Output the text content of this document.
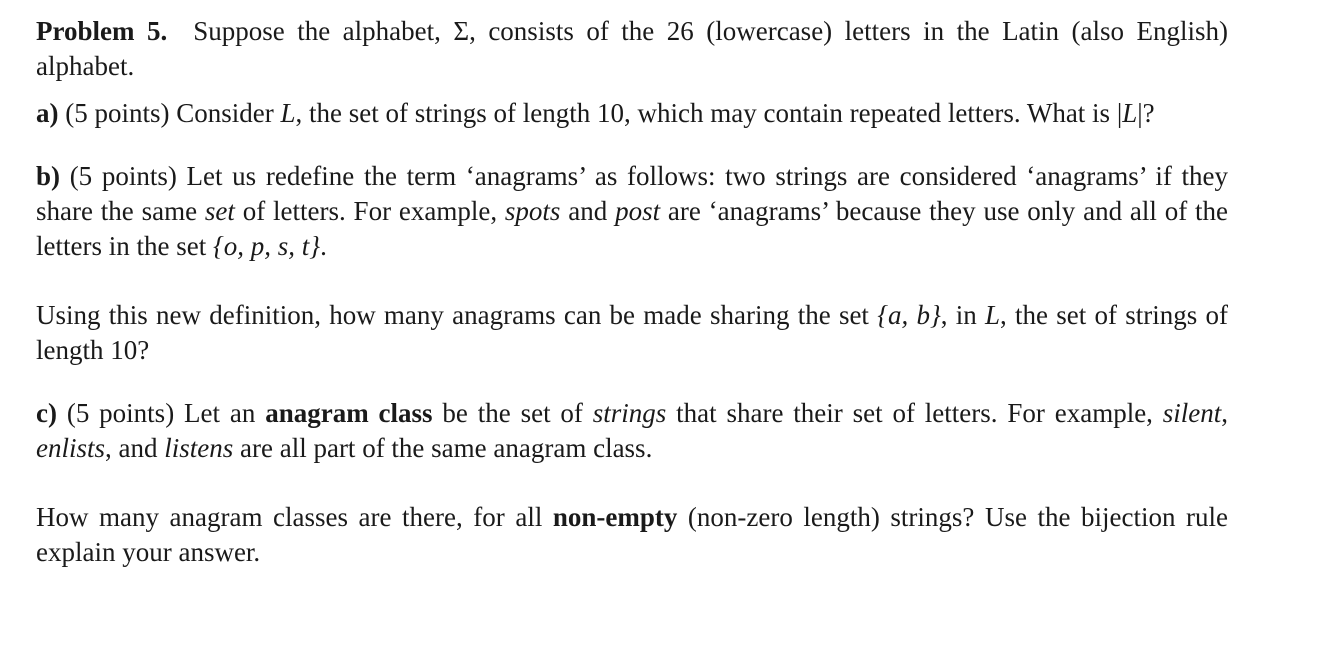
Problem 5. Suppose the alphabet, Σ, consists of the 26 (lowercase) letters in the Latin (also English) alphabet.

a) (5 points) Consider L, the set of strings of length 10, which may contain repeated letters. What is |L|?

b) (5 points) Let us redefine the term ‘anagrams’ as follows: two strings are considered ‘anagrams’ if they share the same set of letters. For example, spots and post are ‘anagrams’ because they use only and all of the letters in the set {o, p, s, t}.

Using this new definition, how many anagrams can be made sharing the set {a, b}, in L, the set of strings of length 10?

c) (5 points) Let an anagram class be the set of strings that share their set of letters. For example, silent, enlists, and listens are all part of the same anagram class.

How many anagram classes are there, for all non-empty (non-zero length) strings? Use the bijection rule explain your answer.
